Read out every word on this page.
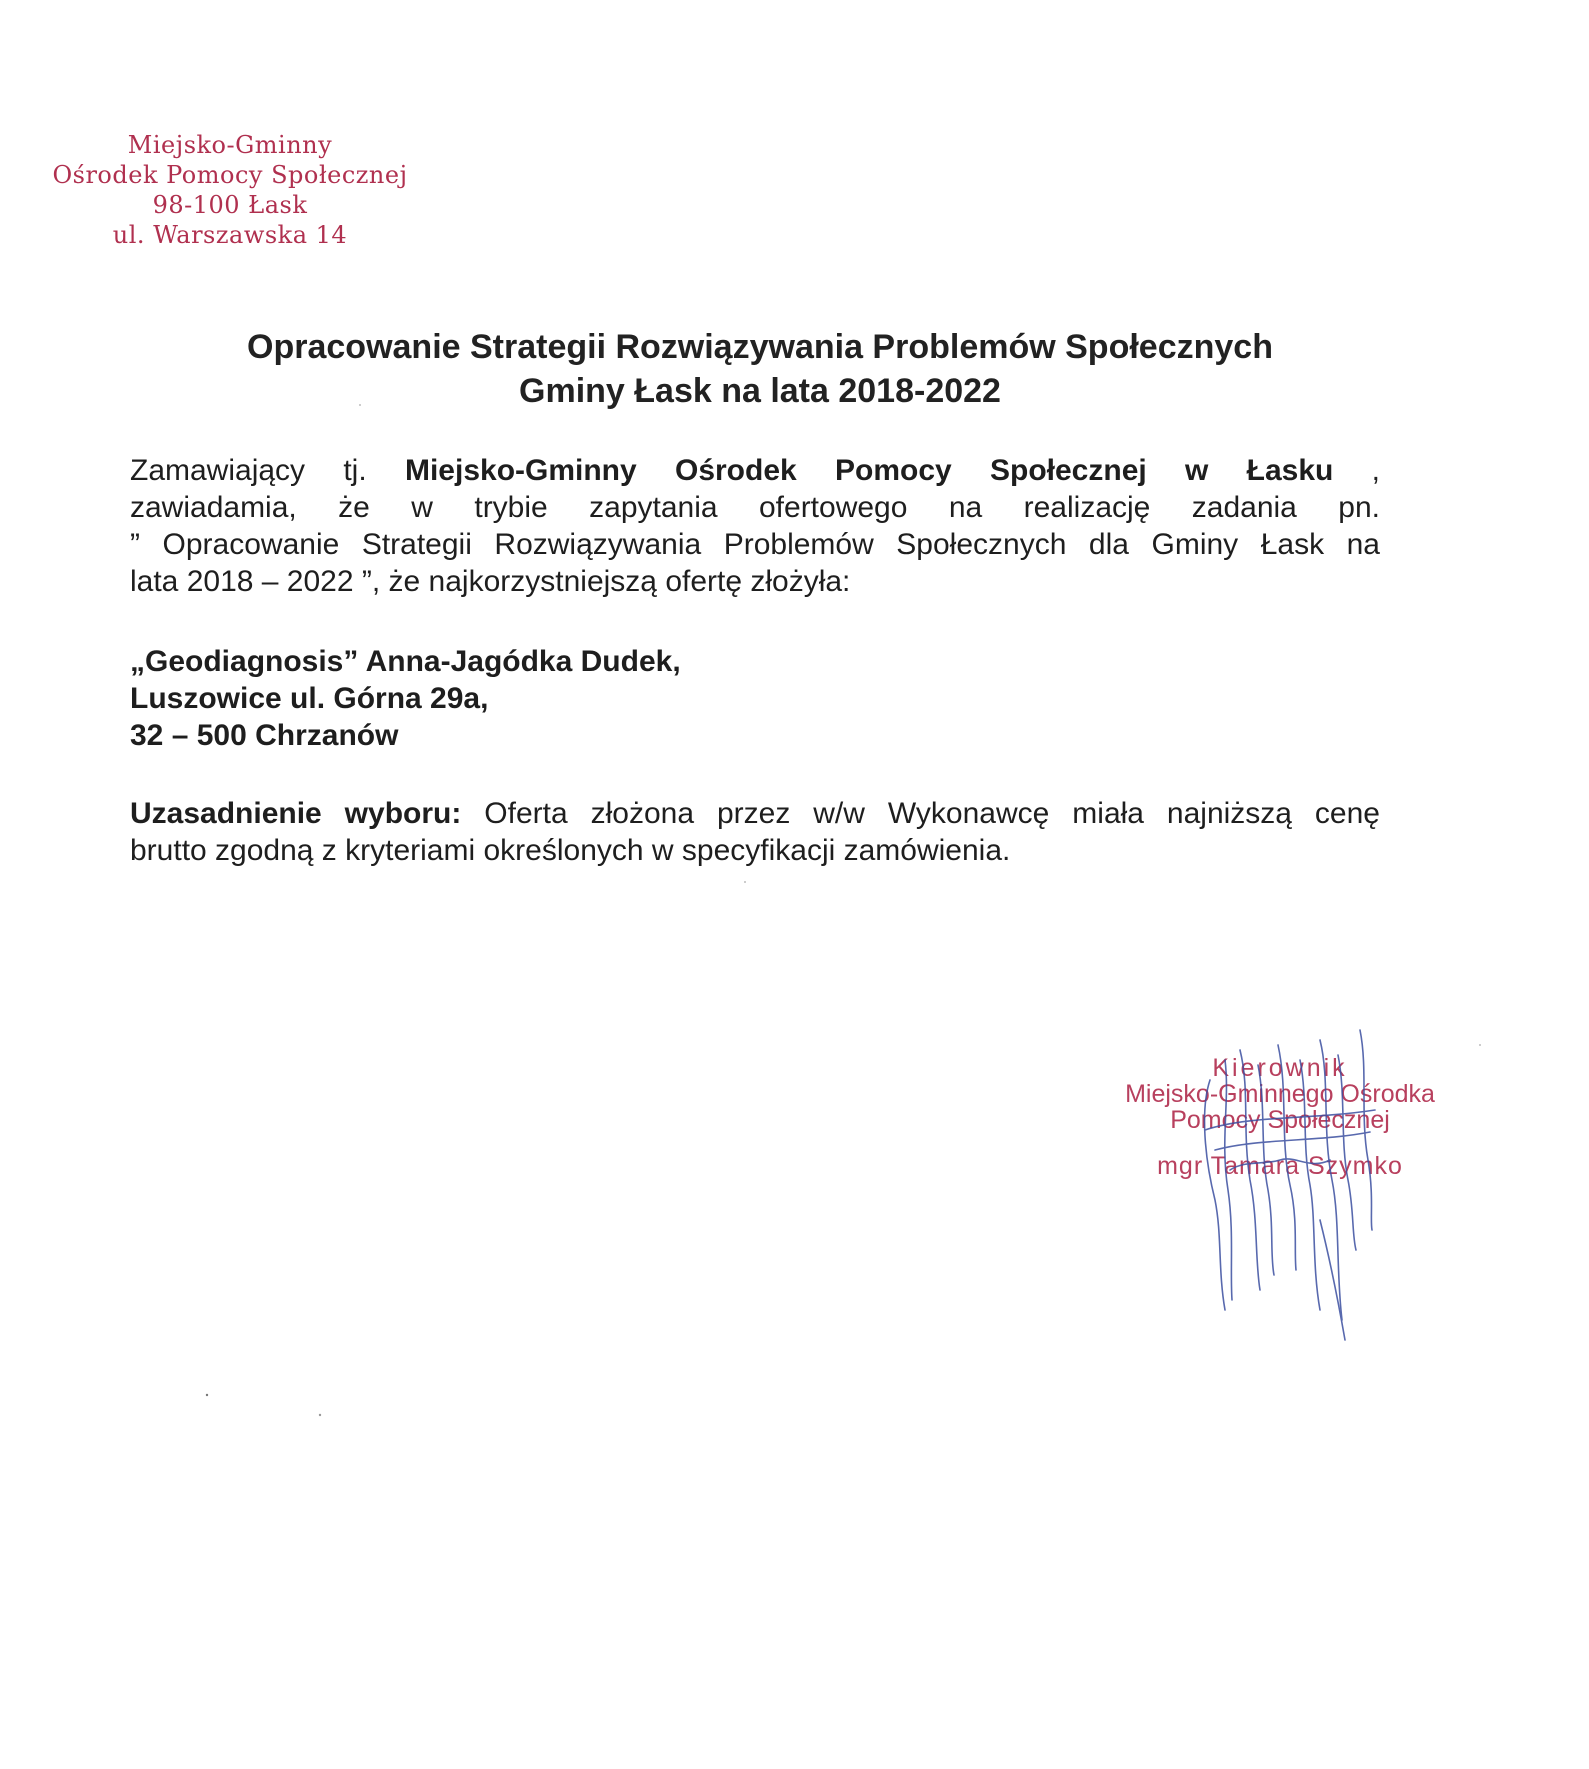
Miejsko-Gminny
Ośrodek Pomocy Społecznej
98-100 Łask
ul. Warszawska 14
Opracowanie Strategii Rozwiązywania Problemów Społecznych
Gminy Łask na lata 2018-2022
Zamawiający tj. Miejsko-Gminny Ośrodek Pomocy Społecznej w Łasku ,
zawiadamia, że w trybie zapytania ofertowego na realizację zadania pn.
” Opracowanie Strategii Rozwiązywania Problemów Społecznych dla Gminy Łask na
lata 2018 – 2022 ”, że najkorzystniejszą ofertę złożyła:
„Geodiagnosis” Anna-Jagódka Dudek,
Luszowice ul. Górna 29a,
32 – 500 Chrzanów
Uzasadnienie wyboru: Oferta złożona przez w/w Wykonawcę miała najniższą cenę
brutto zgodną z kryteriami określonych w specyfikacji zamówienia.
Kierownik
Miejsko-Gminnego Ośrodka
Pomocy Społecznej
mgr Tamara Szymko
